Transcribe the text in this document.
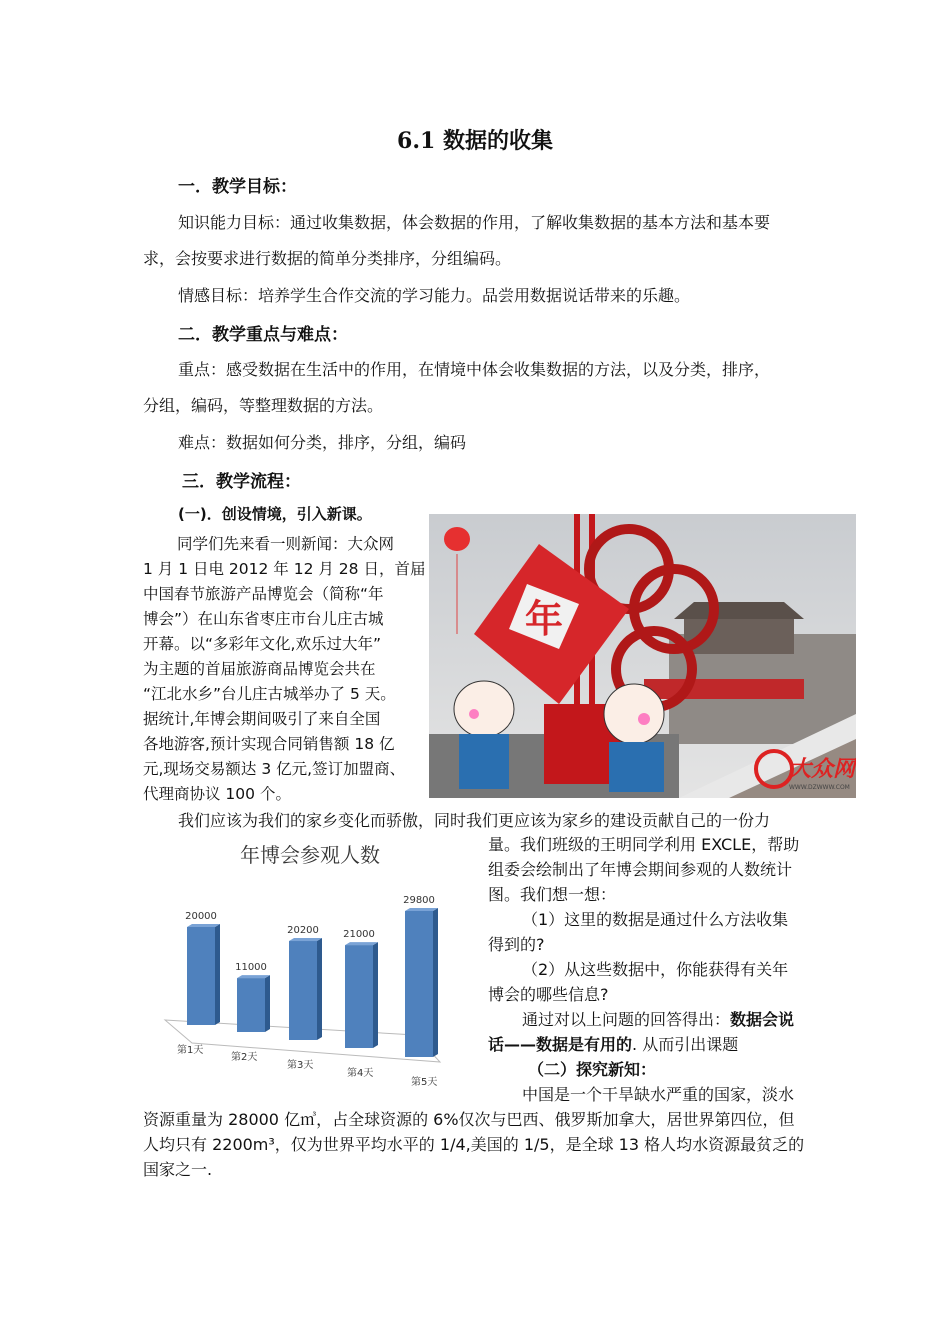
6.1 数据的收集
一．教学目标：
知识能力目标：通过收集数据，体会数据的作用，了解收集数据的基本方法和基本要
求，会按要求进行数据的简单分类排序，分组编码。
情感目标：培养学生合作交流的学习能力。品尝用数据说话带来的乐趣。
二．教学重点与难点：
重点：感受数据在生活中的作用，在情境中体会收集数据的方法，以及分类，排序，
分组，编码，等整理数据的方法。
难点：数据如何分类，排序，分组，编码
三．教学流程：
(一)．创设情境，引入新课。
同学们先来看一则新闻：大众网
1 月 1 日电 2012 年 12 月 28 日，首届
中国春节旅游产品博览会（简称“年
博会”）在山东省枣庄市台儿庄古城
开幕。以“多彩年文化,欢乐过大年”
为主题的首届旅游商品博览会共在
“江北水乡”台儿庄古城举办了 5 天。
据统计,年博会期间吸引了来自全国
各地游客,预计实现合同销售额 18 亿
元,现场交易额达 3 亿元,签订加盟商、
代理商协议 100 个。
年
大众网
WWW.DZWWW.COM
我们应该为我们的家乡变化而骄傲，同时我们更应该为家乡的建设贡献自己的一份力
量。我们班级的王明同学利用 EXCLE，帮助
组委会绘制出了年博会期间参观的人数统计
图。我们想一想：
（1）这里的数据是通过什么方法收集
得到的?
（2）从这些数据中，你能获得有关年
博会的哪些信息?
通过对以上问题的回答得出：数据会说
话——数据是有用的. 从而引出课题
（二）探究新知：
中国是一个干旱缺水严重的国家，淡水
资源重量为 28000 亿㎥，占全球资源的 6%仅次与巴西、俄罗斯加拿大，居世界第四位，但
人均只有 2200m³，仅为世界平均水平的 1/4,美国的 1/5，是全球 13 格人均水资源最贫乏的
国家之一.
年博会参观人数
20000
第1天
11000
第2天
20200
第3天
21000
第4天
29800
第5天
